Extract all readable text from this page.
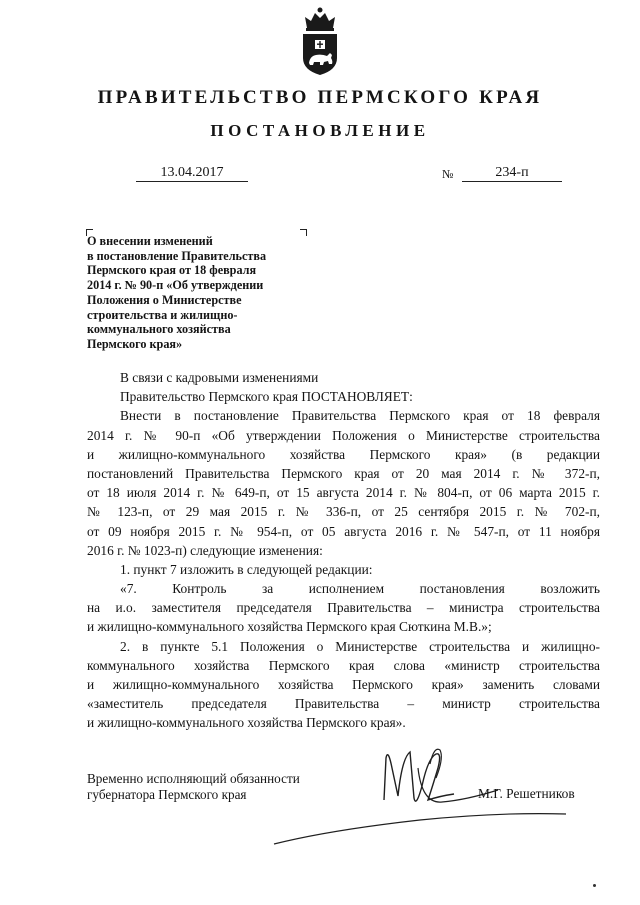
ПРАВИТЕЛЬСТВО ПЕРМСКОГО КРАЯ
ПОСТАНОВЛЕНИЕ
13.04.2017	№	234-п
О внесении изменений
в постановление Правительства
Пермского края от 18 февраля
2014 г. № 90-п «Об утверждении
Положения о Министерстве
строительства и жилищно-
коммунального хозяйства
Пермского края»
В связи с кадровыми изменениями
Правительство Пермского края ПОСТАНОВЛЯЕТ:
Внести в постановление Правительства Пермского края от 18 февраля
2014 г. № 90-п «Об утверждении Положения о Министерстве строительства
и жилищно-коммунального хозяйства Пермского края» (в редакции
постановлений Правительства Пермского края от 20 мая 2014 г. № 372-п,
от 18 июля 2014 г. № 649-п, от 15 августа 2014 г. № 804-п, от 06 марта 2015 г.
№ 123-п, от 29 мая 2015 г. № 336-п, от 25 сентября 2015 г. № 702-п,
от 09 ноября 2015 г. № 954-п, от 05 августа 2016 г. № 547-п, от 11 ноября
2016 г. № 1023-п) следующие изменения:
1. пункт 7 изложить в следующей редакции:
«7. Контроль за исполнением постановления возложить
на и.о. заместителя председателя Правительства – министра строительства
и жилищно-коммунального хозяйства Пермского края Сюткина М.В.»;
2. в пункте 5.1 Положения о Министерстве строительства и жилищно-
коммунального хозяйства Пермского края слова «министр строительства
и жилищно-коммунального хозяйства Пермского края» заменить словами
«заместитель председателя Правительства – министр строительства
и жилищно-коммунального хозяйства Пермского края».
Временно исполняющий обязанности
губернатора Пермского края	М.Г. Решетников
